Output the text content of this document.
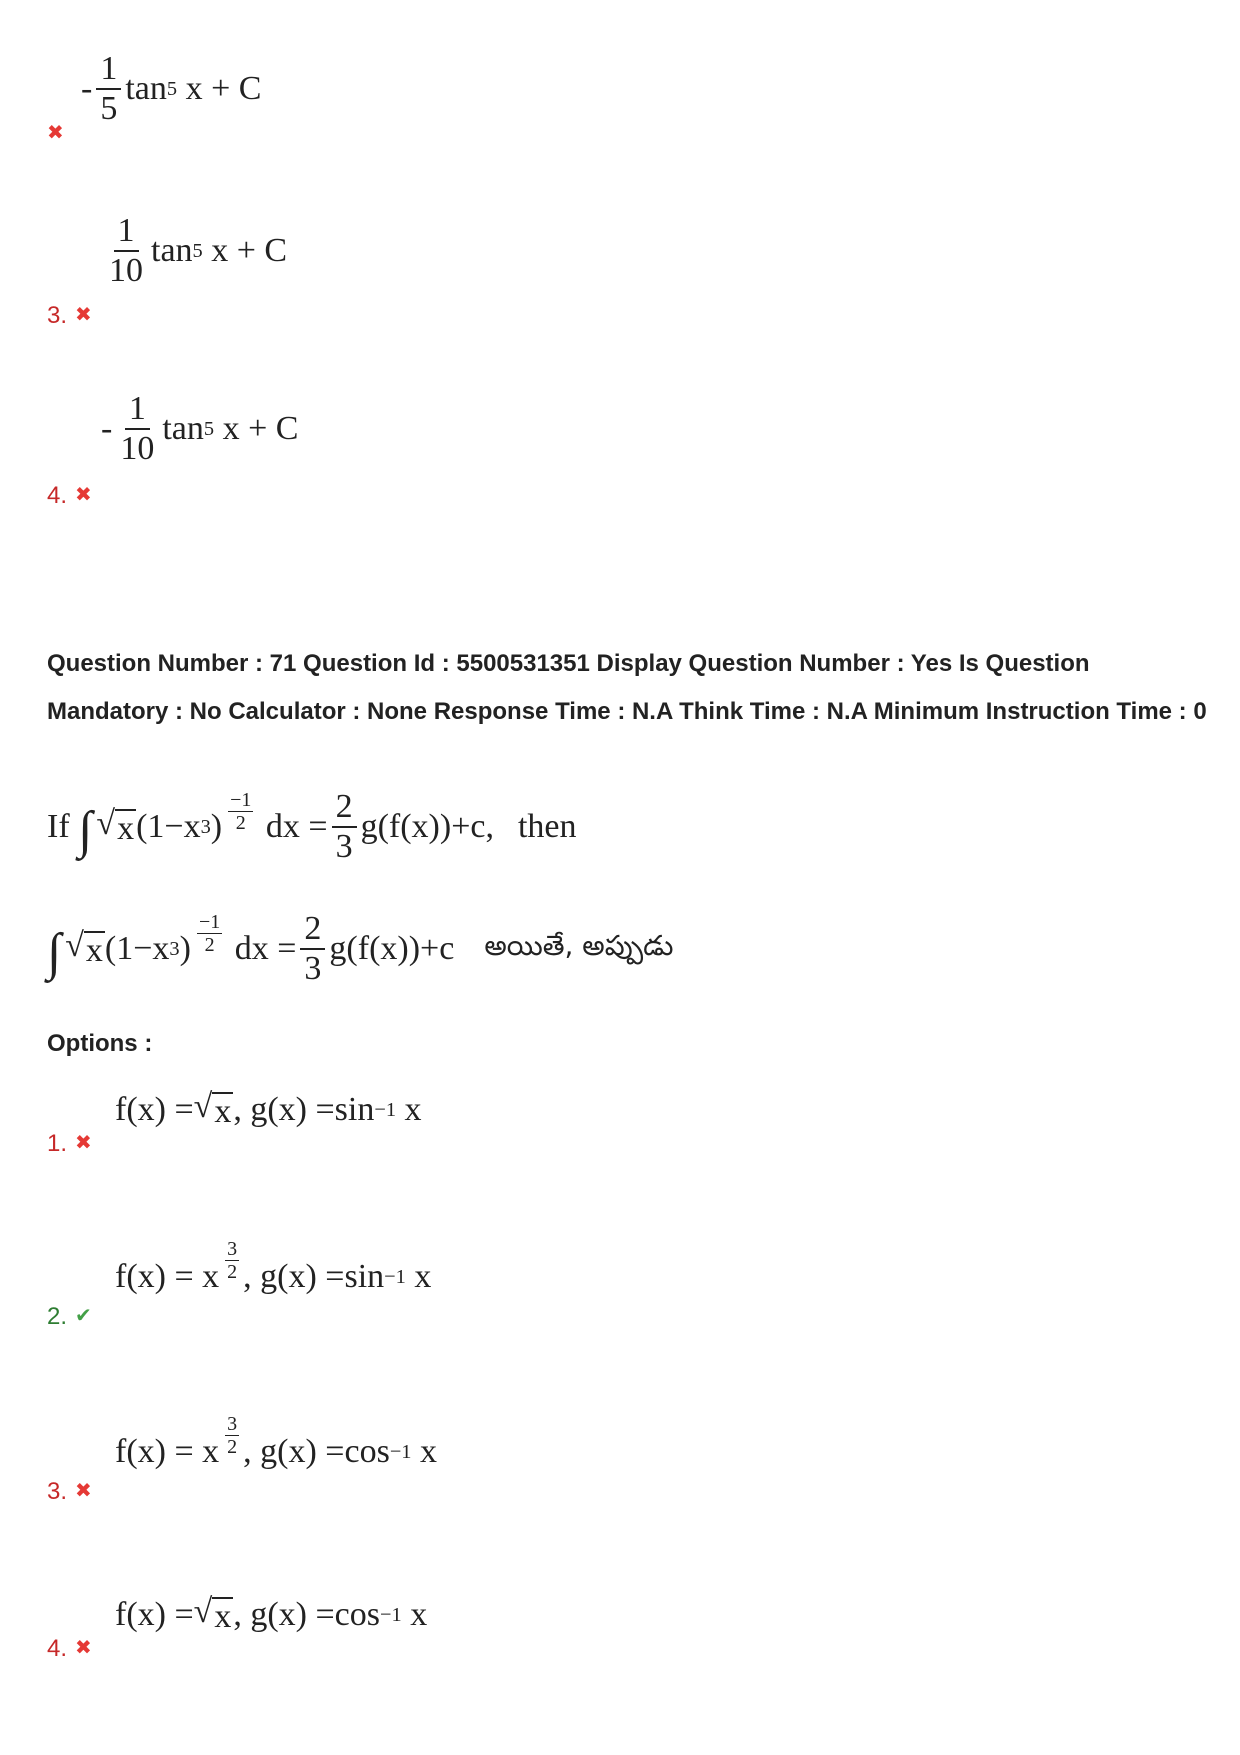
✖
- $\frac{1}{5}$ tan 5
x + C
3. ✖
$\frac{1}{10}$ tan 5
x + C
4. ✖
- $\frac{1}{10}$ tan 5
x + C
Question Number : 71 Question Id : 5500531351 Display Question Number : Yes Is Question Mandatory : No Calculator : None Response Time : N.A Think Time : N.A Minimum Instruction Time : 0
If
∫ √ x (1−x 3 ) $\frac{-1}{2}$
dx = $\frac{2}{3} g(f(x)) +c$, then
∫ √ x (1−x 3 ) $\frac{-1}{2}$
dx = $\frac{2}{3} g(f(x)) +c$ అయితే, అప్పుడు
Options :
1. ✖
f(x) = √ x , g(x) = sin −1
x
2. ✔
f(x) = x $\frac{3}{2}$ , g(x) = sin −1
x
3. ✖
f(x) = x $\frac{3}{2}$ , g(x) = cos −1
x
4. ✖
f(x) = √ x , g(x) = cos −1
x
